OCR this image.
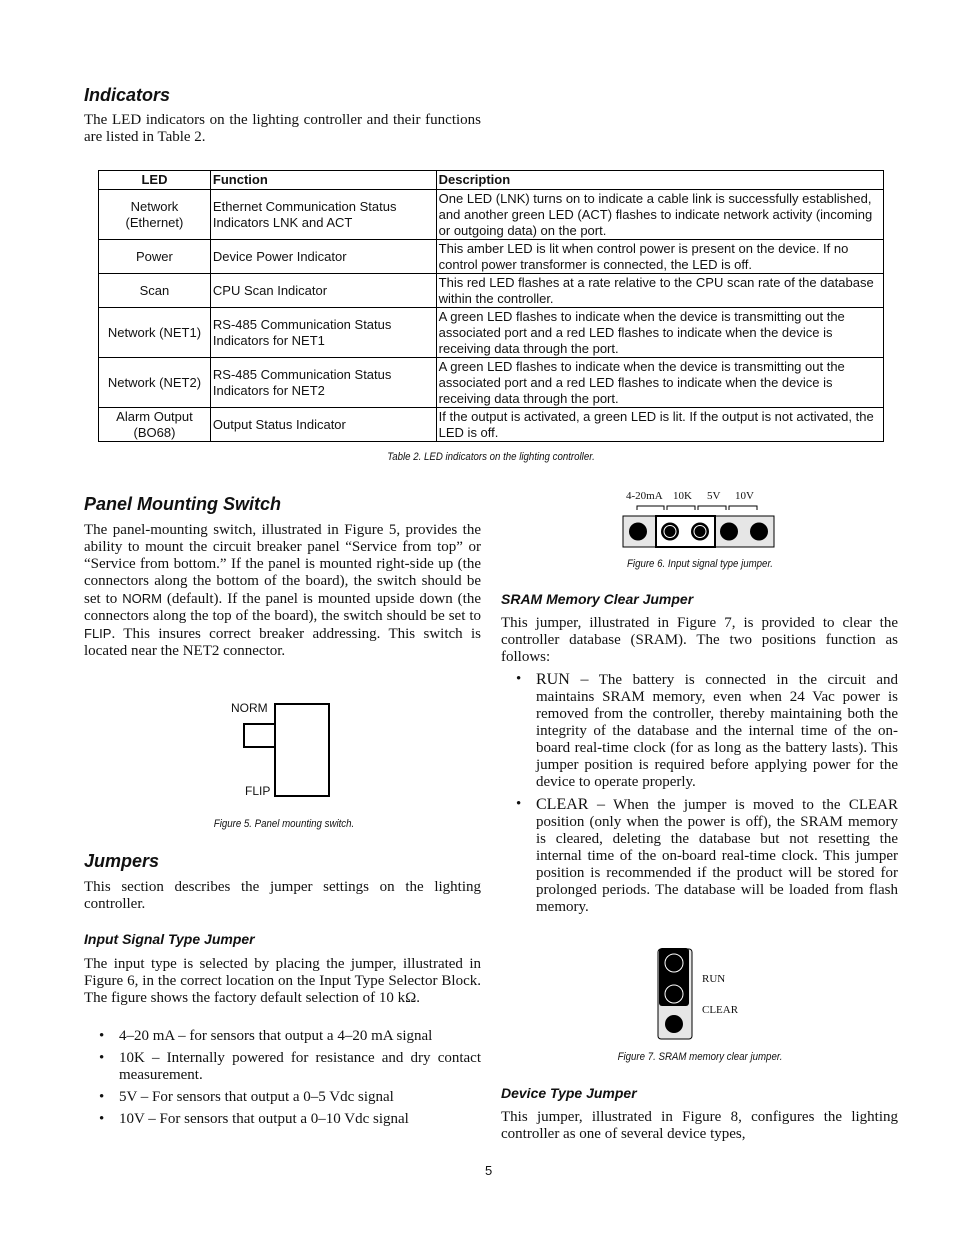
Indicators
The LED indicators on the lighting controller and their functions are listed in Table 2.
LED	Function	Description
Network (Ethernet)	Ethernet Communication Status Indicators LNK and ACT	One LED (LNK) turns on to indicate a cable link is successfully established, and another green LED (ACT) flashes to indicate network activity (incoming or outgoing data) on the port.
Power	Device Power Indicator	This amber LED is lit when control power is present on the device. If no control power transformer is connected, the LED is off.
Scan	CPU Scan Indicator	This red LED flashes at a rate relative to the CPU scan rate of the database within the controller.
Network (NET1)	RS-485 Communication Status Indicators for NET1	A green LED flashes to indicate when the device is transmitting out the associated port and a red LED flashes to indicate when the device is receiving data through the port.
Network (NET2)	RS-485 Communication Status Indicators for NET2	A green LED flashes to indicate when the device is transmitting out the associated port and a red LED flashes to indicate when the device is receiving data through the port.
Alarm Output (BO68)	Output Status Indicator	If the output is activated, a green LED is lit. If the output is not activated, the LED is off.
Table 2. LED indicators on the lighting controller.
Panel Mounting Switch
The panel-mounting switch, illustrated in Figure 5, provides the ability to mount the circuit breaker panel “Service from top” or “Service from bottom.” If the panel is mounted right-side up (the connectors along the bottom of the board), the switch should be set to NORM (default). If the panel is mounted upside down (the connectors along the top of the board), the switch should be set to FLIP. This insures correct breaker addressing. This switch is located near the NET2 connector.
NORM
FLIP
Figure 5. Panel mounting switch.
Jumpers
This section describes the jumper settings on the lighting controller.
Input Signal Type Jumper
The input type is selected by placing the jumper, illustrated in Figure 6, in the correct location on the Input Type Selector Block. The figure shows the factory default selection of 10 kΩ.
• 4–20 mA – for sensors that output a 4–20 mA signal
• 10K – Internally powered for resistance and dry contact measurement.
• 5V – For sensors that output a 0–5 Vdc signal
• 10V – For sensors that output a 0–10 Vdc signal
4-20mA 10K 5V 10V
Figure 6. Input signal type jumper.
SRAM Memory Clear Jumper
This jumper, illustrated in Figure 7, is provided to clear the controller database (SRAM). The two positions function as follows:
• RUN – The battery is connected in the circuit and maintains SRAM memory, even when 24 Vac power is removed from the controller, thereby maintaining both the integrity of the database and the internal time of the on-board real-time clock (for as long as the battery lasts). This jumper position is required before applying power for the device to operate properly.
• CLEAR – When the jumper is moved to the CLEAR position (only when the power is off), the SRAM memory is cleared, deleting the database but not resetting the internal time of the on-board real-time clock. This jumper position is recommended if the product will be stored for prolonged periods. The database will be loaded from flash memory.
RUN
CLEAR
Figure 7. SRAM memory clear jumper.
Device Type Jumper
This jumper, illustrated in Figure 8, configures the lighting controller as one of several device types,
5
